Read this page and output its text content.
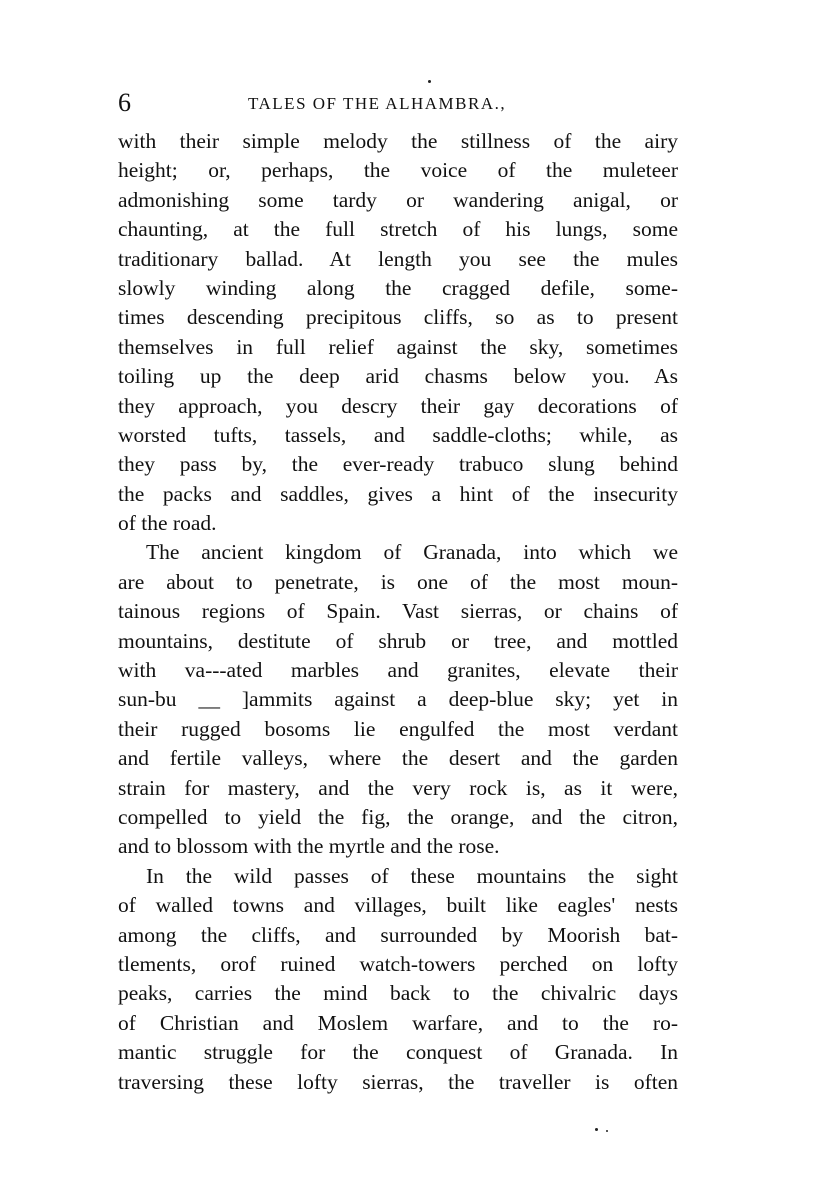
6	TALES OF THE ALHAMBRA.,
with their simple melody the stillness of the airy
height; or, perhaps, the voice of the muleteer
admonishing some tardy or wandering anigal, or
chaunting, at the full stretch of his lungs, some
traditionary ballad. At length you see the mules
slowly winding along the cragged defile, some-
times descending precipitous cliffs, so as to present
themselves in full relief against the sky, sometimes
toiling up the deep arid chasms below you. As
they approach, you descry their gay decorations of
worsted tufts, tassels, and saddle-cloths; while, as
they pass by, the ever-ready trabuco slung behind
the packs and saddles, gives a hint of the insecurity
of the road.
The ancient kingdom of Granada, into which we
are about to penetrate, is one of the most moun-
tainous regions of Spain. Vast sierras, or chains of
mountains, destitute of shrub or tree, and mottled
with va-‑‑ated marbles and granites, elevate their
sun-bu __ ]ammits against a deep-blue sky; yet in
their rugged bosoms lie engulfed the most verdant
and fertile valleys, where the desert and the garden
strain for mastery, and the very rock is, as it were,
compelled to yield the fig, the orange, and the citron,
and to blossom with the myrtle and the rose.
In the wild passes of these mountains the sight
of walled towns and villages, built like eagles' nests
among the cliffs, and surrounded by Moorish bat-
tlements, orof ruined watch-towers perched on lofty
peaks, carries the mind back to the chivalric days
of Christian and Moslem warfare, and to the ro-
mantic struggle for the conquest of Granada. In
traversing these lofty sierras, the traveller is often
